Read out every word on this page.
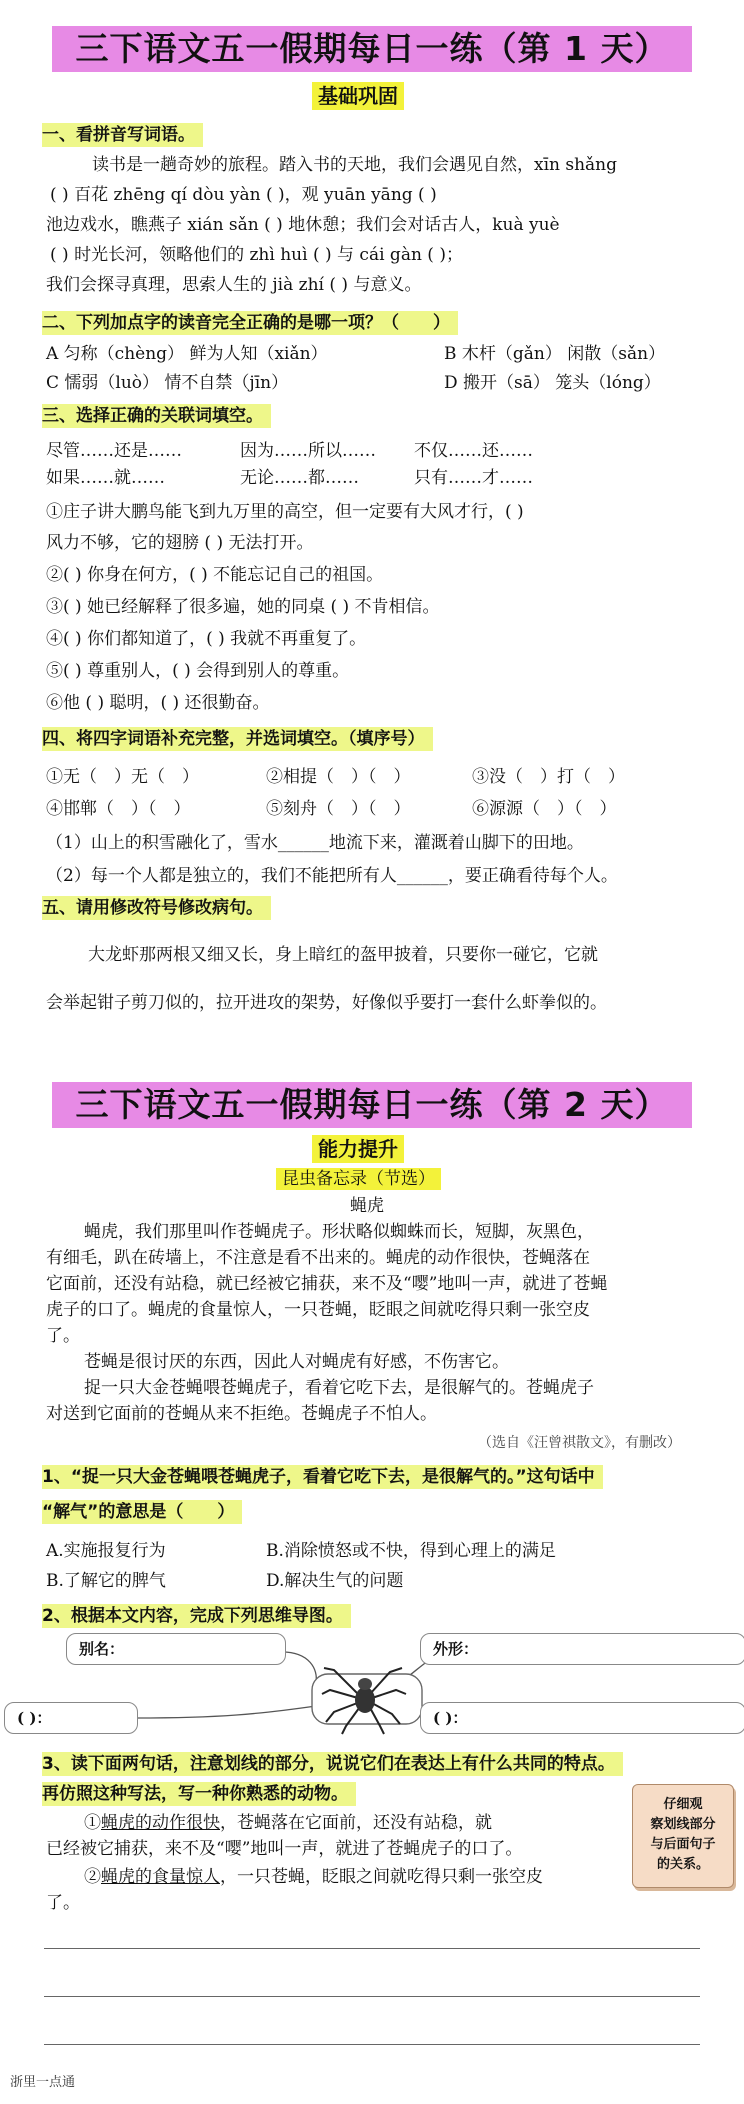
三下语文五一假期每日一练（第 1 天）
基础巩固
一、看拼音写词语。
读书是一趟奇妙的旅程。踏入书的天地，我们会遇见自然，xīn shǎng
( ) 百花 zhēng qí dòu yàn ( )，观 yuān yāng ( )
池边戏水，瞧燕子 xián sǎn ( ) 地休憩；我们会对话古人，kuà yuè
( ) 时光长河，领略他们的 zhì huì ( ) 与 cái gàn ( )；
我们会探寻真理，思索人生的 jià zhí ( ) 与意义。
二、下列加点字的读音完全正确的是哪一项？（　　）
A 匀称（chèng） 鲜为人知（xiǎn）	B 木杆（gǎn） 闲散（sǎn）
C 懦弱（luò） 情不自禁（jīn）	D 搬开（sā） 笼头（lóng）
三、选择正确的关联词填空。
尽管……还是……	因为……所以…… 不仅……还……
如果……就……	无论……都……	只有……才……
①庄子讲大鹏鸟能飞到九万里的高空，但一定要有大风才行，( )
风力不够，它的翅膀 ( ) 无法打开。
②( ) 你身在何方，( ) 不能忘记自己的祖国。
③( ) 她已经解释了很多遍，她的同桌 ( ) 不肯相信。
④( ) 你们都知道了，( ) 我就不再重复了。
⑤( ) 尊重别人，( ) 会得到别人的尊重。
⑥他 ( ) 聪明，( ) 还很勤奋。
四、将四字词语补充完整，并选词填空。（填序号）
①无（　）无（　）	②相提（　）（　）	③没（　）打（　）
④邯郸（　）（　）	⑤刻舟（　）（　）	⑥源源（　）（　）
（1）山上的积雪融化了，雪水______地流下来，灌溉着山脚下的田地。
（2）每一个人都是独立的，我们不能把所有人______，要正确看待每个人。
五、请用修改符号修改病句。
大龙虾那两根又细又长，身上暗红的盔甲披着，只要你一碰它，它就
会举起钳子剪刀似的，拉开进攻的架势，好像似乎要打一套什么虾拳似的。
三下语文五一假期每日一练（第 2 天）
能力提升
昆虫备忘录（节选）
蝇虎
蝇虎，我们那里叫作苍蝇虎子。形状略似蜘蛛而长，短脚，灰黑色，
有细毛，趴在砖墙上，不注意是看不出来的。蝇虎的动作很快，苍蝇落在
它面前，还没有站稳，就已经被它捕获，来不及“嘤”地叫一声，就进了苍蝇
虎子的口了。蝇虎的食量惊人，一只苍蝇，眨眼之间就吃得只剩一张空皮
了。
苍蝇是很讨厌的东西，因此人对蝇虎有好感，不伤害它。
捉一只大金苍蝇喂苍蝇虎子，看着它吃下去，是很解气的。苍蝇虎子
对送到它面前的苍蝇从来不拒绝。苍蝇虎子不怕人。
（选自《汪曾祺散文》，有删改）
1、“捉一只大金苍蝇喂苍蝇虎子，看着它吃下去，是很解气的。”这句话中
“解气”的意思是（　　）
A.实施报复行为	B.消除愤怒或不快，得到心理上的满足
B.了解它的脾气	D.解决生气的问题
2、根据本文内容，完成下列思维导图。
别名：	外形：
( )：	( )：
3、读下面两句话，注意划线的部分，说说它们在表达上有什么共同的特点。
再仿照这种写法，写一种你熟悉的动物。
①蝇虎的动作很快，苍蝇落在它面前，还没有站稳，就
已经被它捕获，来不及“嘤”地叫一声，就进了苍蝇虎子的口了。
②蝇虎的食量惊人，一只苍蝇，眨眼之间就吃得只剩一张空皮
了。
仔细观
察划线部分
与后面句子
的关系。
浙里一点通
